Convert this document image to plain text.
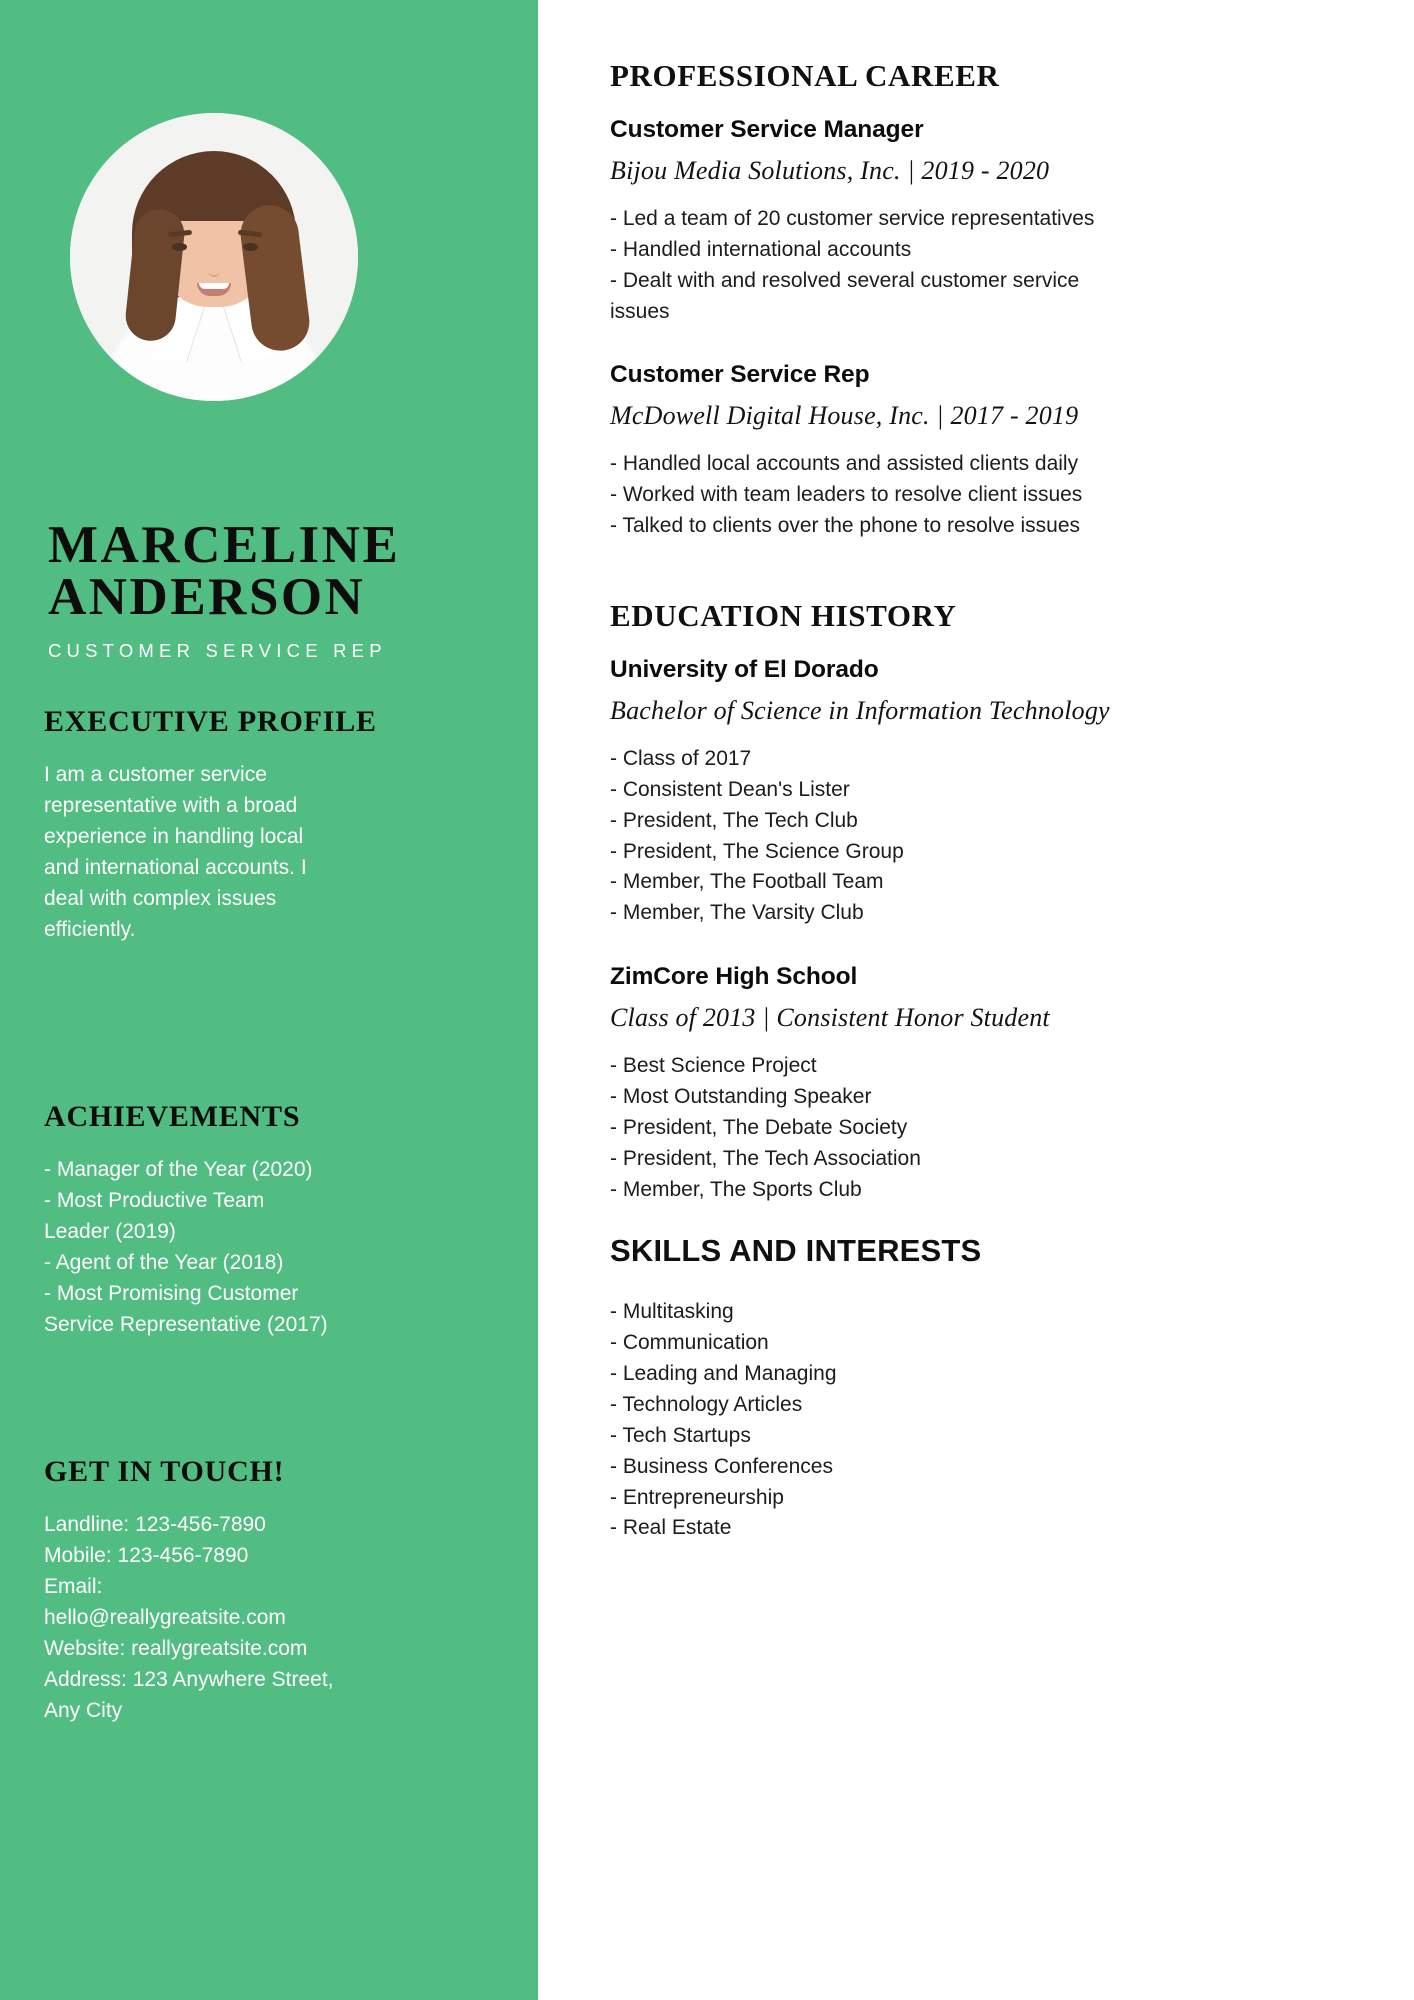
MARCELINE
ANDERSON
CUSTOMER SERVICE REP
EXECUTIVE PROFILE
I am a customer service
representative with a broad
experience in handling local
and international accounts. I
deal with complex issues
efficiently.
ACHIEVEMENTS
- Manager of the Year (2020)
- Most Productive Team
Leader (2019)
- Agent of the Year (2018)
- Most Promising Customer
Service Representative (2017)
GET IN TOUCH!
Landline: 123-456-7890
Mobile: 123-456-7890
Email:
hello@reallygreatsite.com
Website: reallygreatsite.com
Address: 123 Anywhere Street,
Any City
PROFESSIONAL CAREER
Customer Service Manager
Bijou Media Solutions, Inc. | 2019 - 2020
- Led a team of 20 customer service representatives
- Handled international accounts
- Dealt with and resolved several customer service
issues
Customer Service Rep
McDowell Digital House, Inc. | 2017 - 2019
- Handled local accounts and assisted clients daily
- Worked with team leaders to resolve client issues
- Talked to clients over the phone to resolve issues
EDUCATION HISTORY
University of El Dorado
Bachelor of Science in Information Technology
- Class of 2017
- Consistent Dean's Lister
- President, The Tech Club
- President, The Science Group
- Member, The Football Team
- Member, The Varsity Club
ZimCore High School
Class of 2013 | Consistent Honor Student
- Best Science Project
- Most Outstanding Speaker
- President, The Debate Society
- President, The Tech Association
- Member, The Sports Club
SKILLS AND INTERESTS
- Multitasking
- Communication
- Leading and Managing
- Technology Articles
- Tech Startups
- Business Conferences
- Entrepreneurship
- Real Estate
